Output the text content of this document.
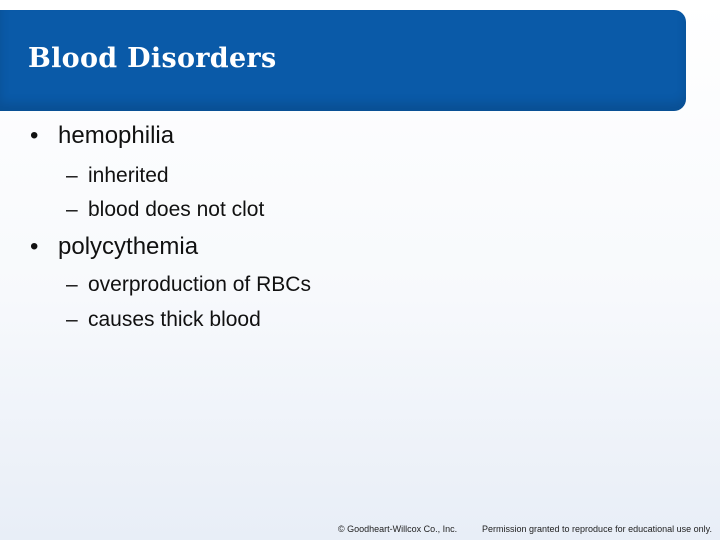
Blood Disorders
• hemophilia
– inherited
– blood does not clot
• polycythemia
– overproduction of RBCs
– causes thick blood
© Goodheart-Willcox Co., Inc.	Permission granted to reproduce for educational use only.
